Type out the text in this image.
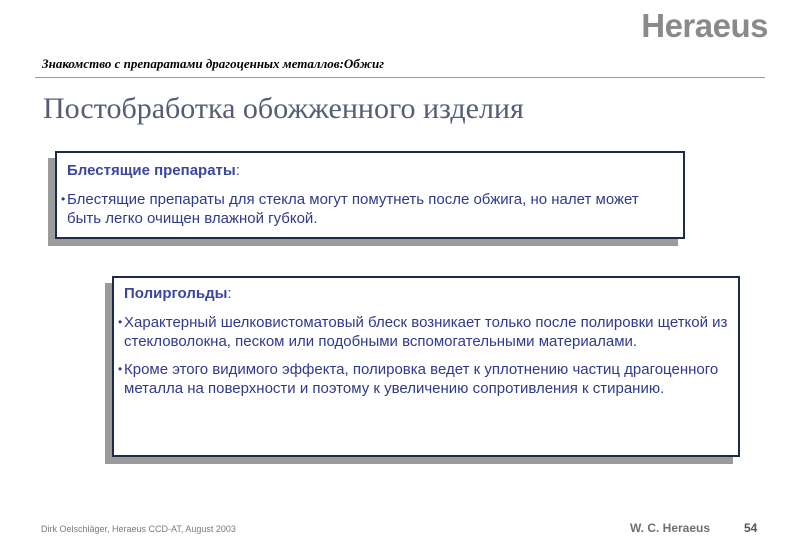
Heraeus
Знакомство с препаратами драгоценных металлов:Обжиг
Постобработка обожженного изделия
Блестящие препараты:
• Блестящие препараты для стекла могут помутнеть после обжига, но налет может быть легко очищен влажной губкой.
Полиргольды:
• Характерный шелковистоматовый блеск возникает только после полировки щеткой из стекловолокна, песком или подобными вспомогательными материалами.
• Кроме этого видимого эффекта, полировка ведет к уплотнению частиц драгоценного металла на поверхности и поэтому к увеличению сопротивления к стиранию.
Dirk Oelschläger, Heraeus CCD-AT, August 2003	W. C. Heraeus	54
